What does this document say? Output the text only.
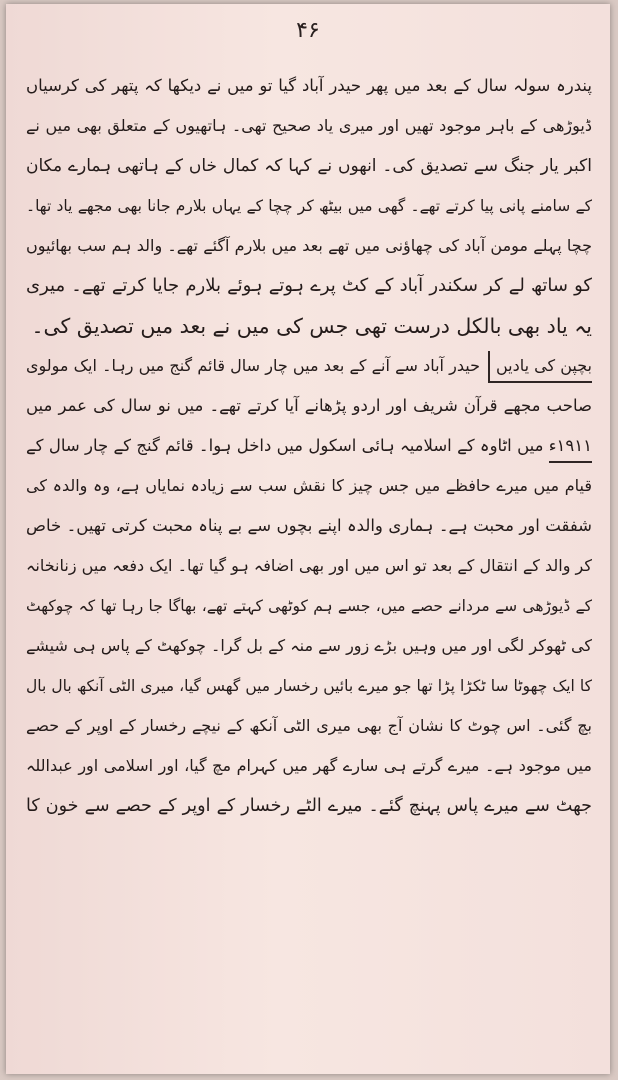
۴۶
پندرہ سولہ سال کے بعد میں پھر حیدر آباد گیا تو میں نے دیکھا کہ پتھر کی کرسیاں
ڈیوڑھی کے باہر موجود تھیں اور میری یاد صحیح تھی۔ ہاتھیوں کے متعلق بھی میں نے
اکبر یار جنگ سے تصدیق کی۔ انھوں نے کہا کہ کمال خاں کے ہاتھی ہمارے مکان
کے سامنے پانی پیا کرتے تھے۔ گھی میں بیٹھ کر چچا کے یہاں بلارم جانا بھی مجھے یاد تھا۔
چچا پہلے مومن آباد کی چھاؤنی میں تھے بعد میں بلارم آگئے تھے۔ والد ہم سب بھائیوں
کو ساتھ لے کر سکندر آباد کے کٹ پرے ہوتے ہوئے بلارم جایا کرتے تھے۔ میری
یہ یاد بھی بالکل درست تھی جس کی میں نے بعد میں تصدیق کی۔
بچپن کی یادیںحیدر آباد سے آنے کے بعد میں چار سال قائم گنج میں رہا۔ ایک مولوی
صاحب مجھے قرآن شریف اور اردو پڑھانے آیا کرتے تھے۔ میں نو سال کی عمر میں
۱۹۱۱ء میں اٹاوہ کے اسلامیہ ہائی اسکول میں داخل ہوا۔ قائم گنج کے چار سال کے
قیام میں میرے حافظے میں جس چیز کا نقش سب سے زیادہ نمایاں ہے، وہ والدہ کی
شفقت اور محبت ہے۔ ہماری والدہ اپنے بچوں سے بے پناہ محبت کرتی تھیں۔ خاص
کر والد کے انتقال کے بعد تو اس میں اور بھی اضافہ ہو گیا تھا۔ ایک دفعہ میں زنانخانہ
کے ڈیوڑھی سے مردانے حصے میں، جسے ہم کوٹھی کہتے تھے، بھاگا جا رہا تھا کہ چوکھٹ
کی ٹھوکر لگی اور میں وہیں بڑے زور سے منہ کے بل گرا۔ چوکھٹ کے پاس ہی شیشے
کا ایک چھوٹا سا ٹکڑا پڑا تھا جو میرے بائیں رخسار میں گھس گیا، میری الٹی آنکھ بال بال
بچ گئی۔ اس چوٹ کا نشان آج بھی میری الٹی آنکھ کے نیچے رخسار کے اوپر کے حصے
میں موجود ہے۔ میرے گرتے ہی سارے گھر میں کہرام مچ گیا، اور اسلامی اور عبداللہ
جھٹ سے میرے پاس پہنچ گئے۔ میرے الٹے رخسار کے اوپر کے حصے سے خون کا
